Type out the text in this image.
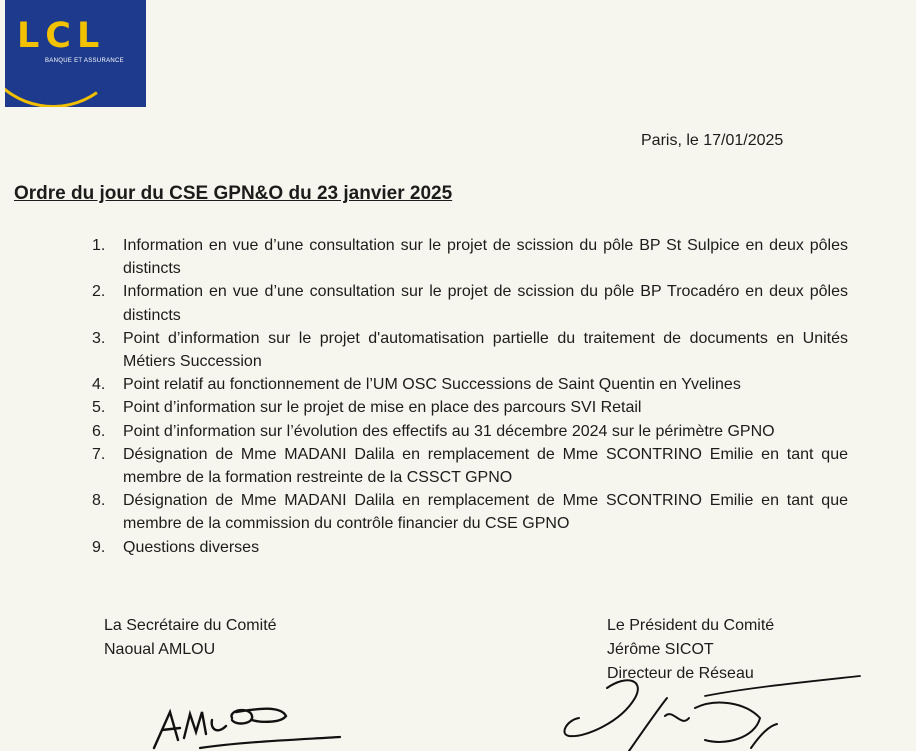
LCL
BANQUE ET ASSURANCE
Paris, le 17/01/2025
Ordre du jour du CSE GPN&O du 23 janvier 2025
1. Information en vue d’une consultation sur le projet de scission du pôle BP St Sulpice en deux pôles distincts
2. Information en vue d’une consultation sur le projet de scission du pôle BP Trocadéro en deux pôles distincts
3. Point d’information sur le projet d'automatisation partielle du traitement de documents en Unités Métiers Succession
4. Point relatif au fonctionnement de l’UM OSC Successions de Saint Quentin en Yvelines
5. Point d’information sur le projet de mise en place des parcours SVI Retail
6. Point d’information sur l’évolution des effectifs au 31 décembre 2024 sur le périmètre GPNO
7. Désignation de Mme MADANI Dalila en remplacement de Mme SCONTRINO Emilie en tant que membre de la formation restreinte de la CSSCT GPNO
8. Désignation de Mme MADANI Dalila en remplacement de Mme SCONTRINO Emilie en tant que membre de la commission du contrôle financier du CSE GPNO
9. Questions diverses
La Secrétaire du Comité
Naoual AMLOU
Le Président du Comité
Jérôme SICOT
Directeur de Réseau
